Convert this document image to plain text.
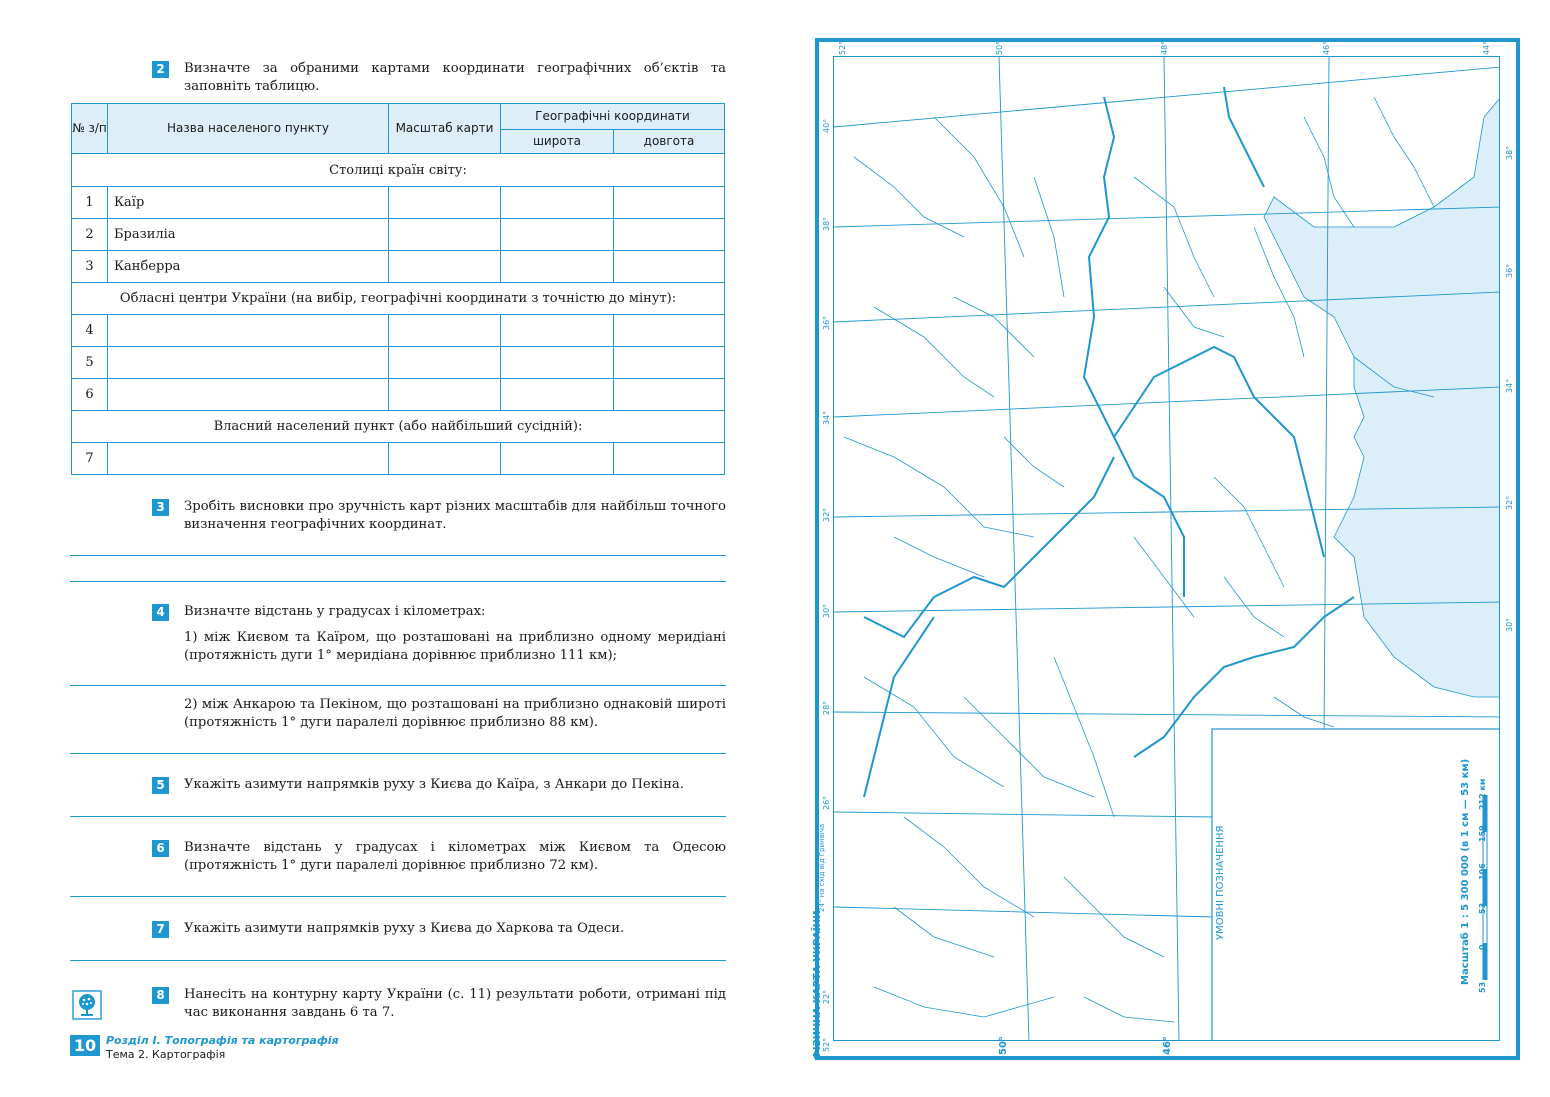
2	Визначте за обраними картами координати географічних об’єктів та заповніть таблицю.
№ з/п	Назва населеного пункту	Масштаб карти	Географічні координати	
			широта	довгота
Столиці країн світу:				
1	Каїр			
2	Бразиліа			
3	Канберра			
Обласні центри України (на вибір, географічні координати з точністю до мінут):				
4				
5				
6				
Власний населений пункт (або найбільший сусідній):				
7				
3	Зробіть висновки про зручність карт різних масштабів для найбільш точного визначення географічних координат.
4	Визначте відстань у градусах і кілометрах:
1) між Києвом та Каїром, що розташовані на приблизно одному меридіані (протяжність дуги 1° меридіана дорівнює приблизно 111 км);
2) між Анкарою та Пекіном, що розташовані на приблизно однаковій широті (протяжність 1° дуги паралелі дорівнює приблизно 88 км).
5	Укажіть азимути напрямків руху з Києва до Каїра, з Анкари до Пекіна.
6	Визначте відстань у градусах і кілометрах між Києвом та Одесою (протяжність 1° дуги паралелі дорівнює приблизно 72 км).
7	Укажіть азимути напрямків руху з Києва до Харкова та Одеси.
8	Нанесіть на контурну карту України (с. 11) результати роботи, отримані під час виконання завдань 6 та 7.
10 Розділ І. Топографія та картографія
Тема 2. Картографія	ФІЗИЧНА КАРТА УКРАЇНИ
УМОВНІ ПОЗНАЧЕННЯ	Масштаб 1 : 5 300 000 (в 1 см — 53 км)
24° на схід від Гринвіча
53
0
53
106
159
212 км
52°
40°
38°
36°
34°
32°
30°
28°
26°
22°
38°
36°
34°
32°
30°
52°	50°	48°	46°	44°
50°	46°
